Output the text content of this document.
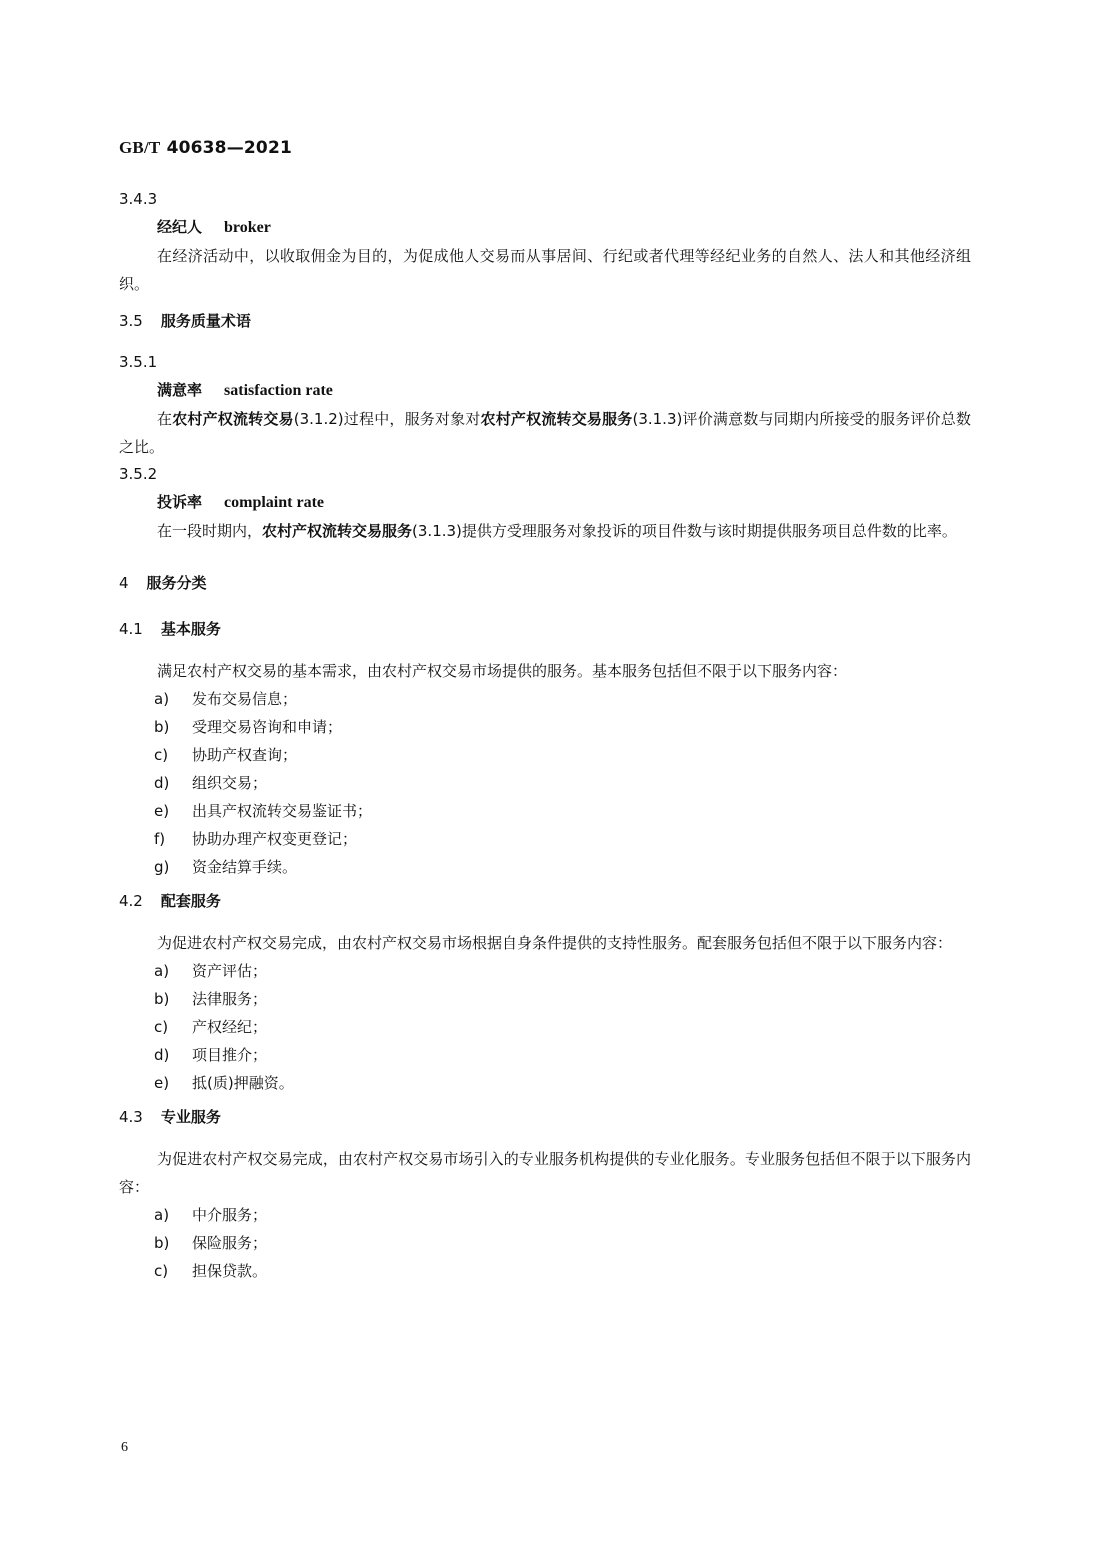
GB/T 40638—2021
3.4.3
经纪人 broker

在经济活动中，以收取佣金为目的，为促成他人交易而从事居间、行纪或者代理等经纪业务的自然人、法人和其他经济组织。

3.5 服务质量术语
3.5.1
满意率 satisfaction rate

在农村产权流转交易(3.1.2)过程中，服务对象对农村产权流转交易服务(3.1.3)评价满意数与同期内所接受的服务评价总数之比。

3.5.2
投诉率 complaint rate

在一段时期内，农村产权流转交易服务(3.1.3)提供方受理服务对象投诉的项目件数与该时期提供服务项目总件数的比率。

4 服务分类
4.1 基本服务

满足农村产权交易的基本需求，由农村产权交易市场提供的服务。基本服务包括但不限于以下服务内容：

a) 发布交易信息；
b) 受理交易咨询和申请；
c) 协助产权查询；
d) 组织交易；
e) 出具产权流转交易鉴证书；
f) 协助办理产权变更登记；
g) 资金结算手续。
4.2 配套服务

为促进农村产权交易完成，由农村产权交易市场根据自身条件提供的支持性服务。配套服务包括但不限于以下服务内容：

a) 资产评估；
b) 法律服务；
c) 产权经纪；
d) 项目推介；
e) 抵(质)押融资。
4.3 专业服务

为促进农村产权交易完成，由农村产权交易市场引入的专业服务机构提供的专业化服务。专业服务包括但不限于以下服务内容：

a) 中介服务；
b) 保险服务；
c) 担保贷款。
6
